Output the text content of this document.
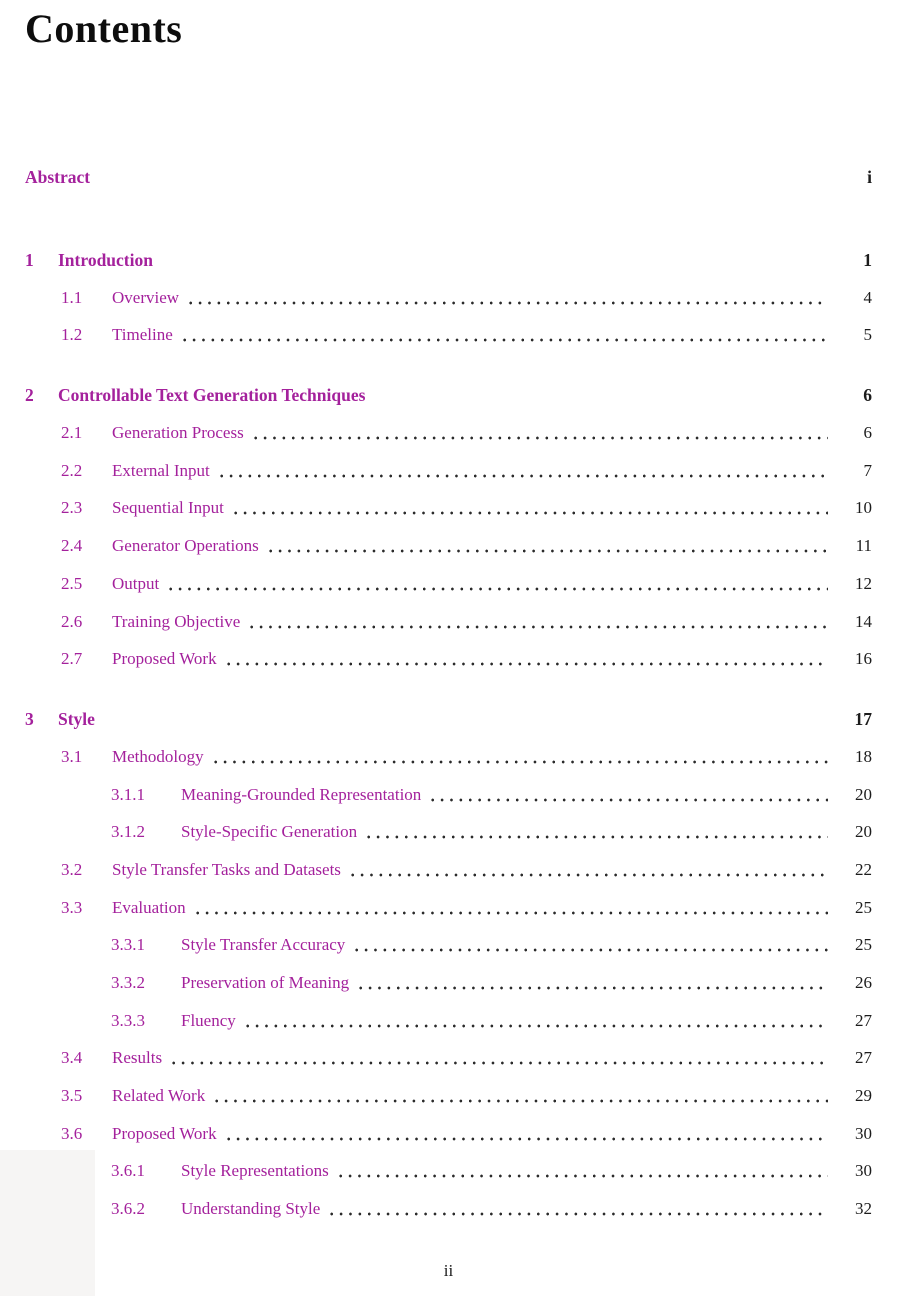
Contents
Abstract	i
1	Introduction	1
1.1	Overview	4
1.2	Timeline	5
2	Controllable Text Generation Techniques	6
2.1	Generation Process	6
2.2	External Input	7
2.3	Sequential Input	10
2.4	Generator Operations	11
2.5	Output	12
2.6	Training Objective	14
2.7	Proposed Work	16
3	Style	17
3.1	Methodology	18
3.1.1	Meaning-Grounded Representation	20
3.1.2	Style-Specific Generation	20
3.2	Style Transfer Tasks and Datasets	22
3.3	Evaluation	25
3.3.1	Style Transfer Accuracy	25
3.3.2	Preservation of Meaning	26
3.3.3	Fluency	27
3.4	Results	27
3.5	Related Work	29
3.6	Proposed Work	30
3.6.1	Style Representations	30
3.6.2	Understanding Style	32
ii
